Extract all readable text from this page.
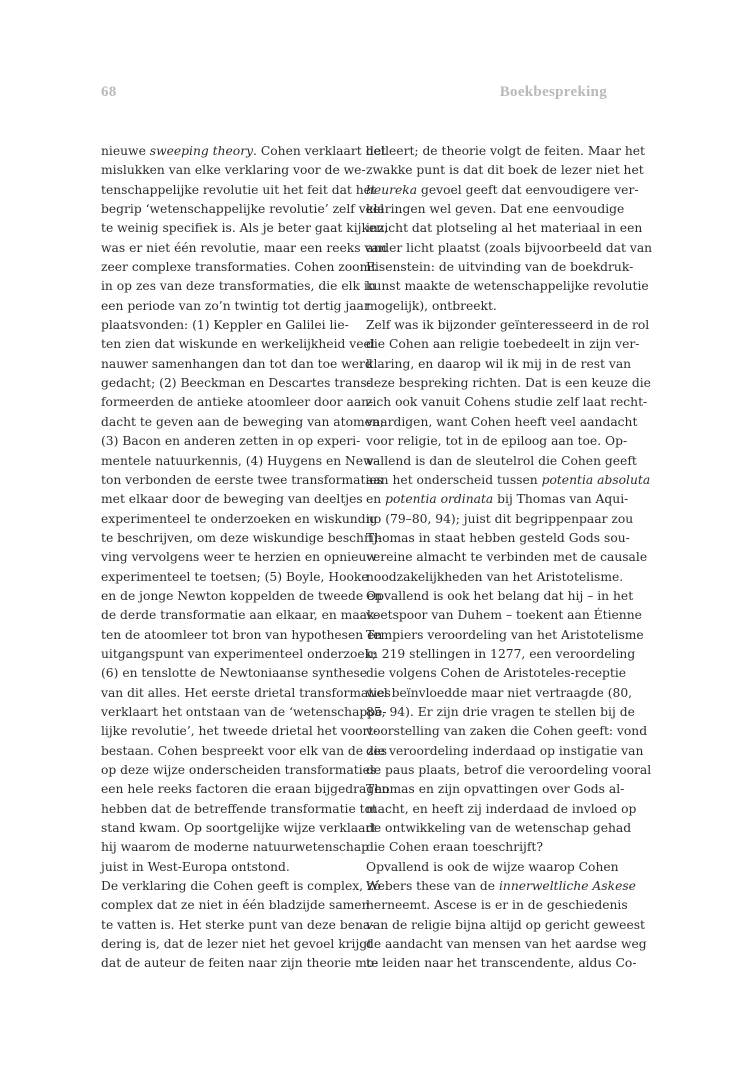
68	Boekbespreking
nieuwe sweeping theory. Cohen verklaart het
mislukken van elke verklaring voor de we-
tenschappelijke revolutie uit het feit dat het
begrip ‘wetenschappelijke revolutie’ zelf veel
te weinig specifiek is. Als je beter gaat kijken,
was er niet één revolutie, maar een reeks van
zeer complexe transformaties. Cohen zoomt
in op zes van deze transformaties, die elk in
een periode van zo’n twintig tot dertig jaar
plaatsvonden: (1) Keppler en Galilei lie-
ten zien dat wiskunde en werkelijkheid veel
nauwer samenhangen dan tot dan toe werd
gedacht; (2) Beeckman en Descartes trans-
formeerden de antieke atoomleer door aan-
dacht te geven aan de beweging van atomen;
(3) Bacon en anderen zetten in op experi-
mentele natuurkennis, (4) Huygens en New-
ton verbonden de eerste twee transformaties
met elkaar door de beweging van deeltjes
experimenteel te onderzoeken en wiskundig
te beschrijven, om deze wiskundige beschrij-
ving vervolgens weer te herzien en opnieuw
experimenteel te toetsen; (5) Boyle, Hooke
en de jonge Newton koppelden de tweede en
de derde transformatie aan elkaar, en maak-
ten de atoomleer tot bron van hypothesen en
uitgangspunt van experimenteel onderzoek;
(6) en tenslotte de Newtoniaanse synthese
van dit alles. Het eerste drietal transformaties
verklaart het ontstaan van de ‘wetenschappe-
lijke revolutie’, het tweede drietal het voort-
bestaan. Cohen bespreekt voor elk van de zes
op deze wijze onderscheiden transformaties
een hele reeks factoren die eraan bijgedragen
hebben dat de betreffende transformatie tot
stand kwam. Op soortgelijke wijze verklaart
hij waarom de moderne natuurwetenschap
juist in West-Europa ontstond.
De verklaring die Cohen geeft is complex, zó
complex dat ze niet in één bladzijde samen
te vatten is. Het sterke punt van deze bena-
dering is, dat de lezer niet het gevoel krijgt
dat de auteur de feiten naar zijn theorie mo-
delleert; de theorie volgt de feiten. Maar het
zwakke punt is dat dit boek de lezer niet het
heureka gevoel geeft dat eenvoudigere ver-
klaringen wel geven. Dat ene eenvoudige
inzicht dat plotseling al het materiaal in een
ander licht plaatst (zoals bijvoorbeeld dat van
Eisenstein: de uitvinding van de boekdruk-
kunst maakte de wetenschappelijke revolutie
mogelijk), ontbreekt.
Zelf was ik bijzonder geïnteresseerd in de rol
die Cohen aan religie toebedeelt in zijn ver-
klaring, en daarop wil ik mij in de rest van
deze bespreking richten. Dat is een keuze die
zich ook vanuit Cohens studie zelf laat recht-
vaardigen, want Cohen heeft veel aandacht
voor religie, tot in de epiloog aan toe. Op-
vallend is dan de sleutelrol die Cohen geeft
aan het onderscheid tussen potentia absoluta
en potentia ordinata bij Thomas van Aqui-
no (79–80, 94); juist dit begrippenpaar zou
Thomas in staat hebben gesteld Gods sou-
vereine almacht te verbinden met de causale
noodzakelijkheden van het Aristotelisme.
Opvallend is ook het belang dat hij – in het
voetspoor van Duhem – toekent aan Étienne
Tempiers veroordeling van het Aristotelisme
in 219 stellingen in 1277, een veroordeling
die volgens Cohen de Aristoteles-receptie
wel beïnvloedde maar niet vertraagde (80,
85, 94). Er zijn drie vragen te stellen bij de
voorstelling van zaken die Cohen geeft: vond
die veroordeling inderdaad op instigatie van
de paus plaats, betrof die veroordeling vooral
Thomas en zijn opvattingen over Gods al-
macht, en heeft zij inderdaad de invloed op
de ontwikkeling van de wetenschap gehad
die Cohen eraan toeschrijft?
Opvallend is ook de wijze waarop Cohen
Webers these van de innerweltliche Askese
herneemt. Ascese is er in de geschiedenis
van de religie bijna altijd op gericht geweest
de aandacht van mensen van het aardse weg
te leiden naar het transcendente, aldus Co-
